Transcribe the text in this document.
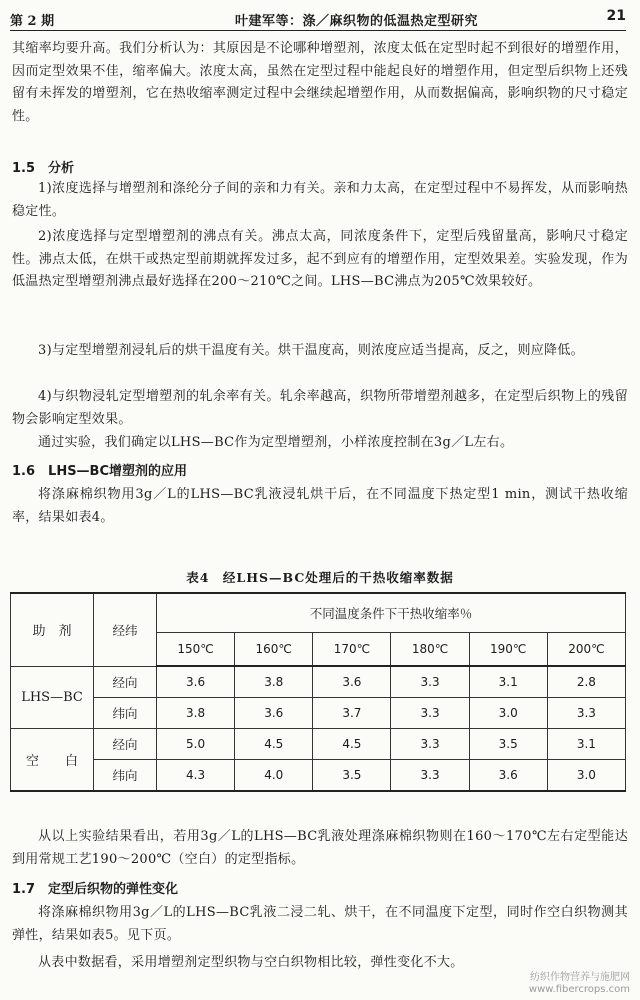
第 2 期	叶建军等：涤／麻织物的低温热定型研究	21
其缩率均要升高。我们分析认为：其原因是不论哪种增塑剂，浓度太低在定型时起不到很好的增塑作用，因而定型效果不佳，缩率偏大。浓度太高，虽然在定型过程中能起良好的增塑作用，但定型后织物上还残留有未挥发的增塑剂，它在热收缩率测定过程中会继续起增塑作用，从而数据偏高，影响织物的尺寸稳定性。
1.5　分析
1)浓度选择与增塑剂和涤纶分子间的亲和力有关。亲和力太高，在定型过程中不易挥发，从而影响热稳定性。
2)浓度选择与定型增塑剂的沸点有关。沸点太高，同浓度条件下，定型后残留量高，影响尺寸稳定性。沸点太低，在烘干或热定型前期就挥发过多，起不到应有的增塑作用，定型效果差。实验发现，作为低温热定型增塑剂沸点最好选择在200～210℃之间。LHS—BC沸点为205℃效果较好。
3)与定型增塑剂浸轧后的烘干温度有关。烘干温度高，则浓度应适当提高，反之，则应降低。
4)与织物浸轧定型增塑剂的轧余率有关。轧余率越高，织物所带增塑剂越多，在定型后织物上的残留物会影响定型效果。
通过实验，我们确定以LHS—BC作为定型增塑剂，小样浓度控制在3g／L左右。
1.6　LHS—BC增塑剂的应用
将涤麻棉织物用3g／L的LHS—BC乳液浸轧烘干后，在不同温度下热定型1 min，测试干热收缩率，结果如表4。
表4　经LHS—BC处理后的干热收缩率数据
助　剂	经纬	不同温度条件下干热收缩率％					
		150℃	160℃	170℃	180℃	190℃	200℃
LHS—BC	经向	3.6	3.8	3.6	3.3	3.1	2.8
	纬向	3.8	3.6	3.7	3.3	3.0	3.3
空　　白	经向	5.0	4.5	4.5	3.3	3.5	3.1
	纬向	4.3	4.0	3.5	3.3	3.6	3.0
从以上实验结果看出，若用3g／L的LHS—BC乳液处理涤麻棉织物则在160～170℃左右定型能达到用常规工艺190～200℃（空白）的定型指标。
1.7　定型后织物的弹性变化
将涤麻棉织物用3g／L的LHS—BC乳液二浸二轧、烘干，在不同温度下定型，同时作空白织物测其弹性，结果如表5。见下页。
从表中数据看，采用增塑剂定型织物与空白织物相比较，弹性变化不大。
纺织作物营养与施肥网
www.fibercrops.com
